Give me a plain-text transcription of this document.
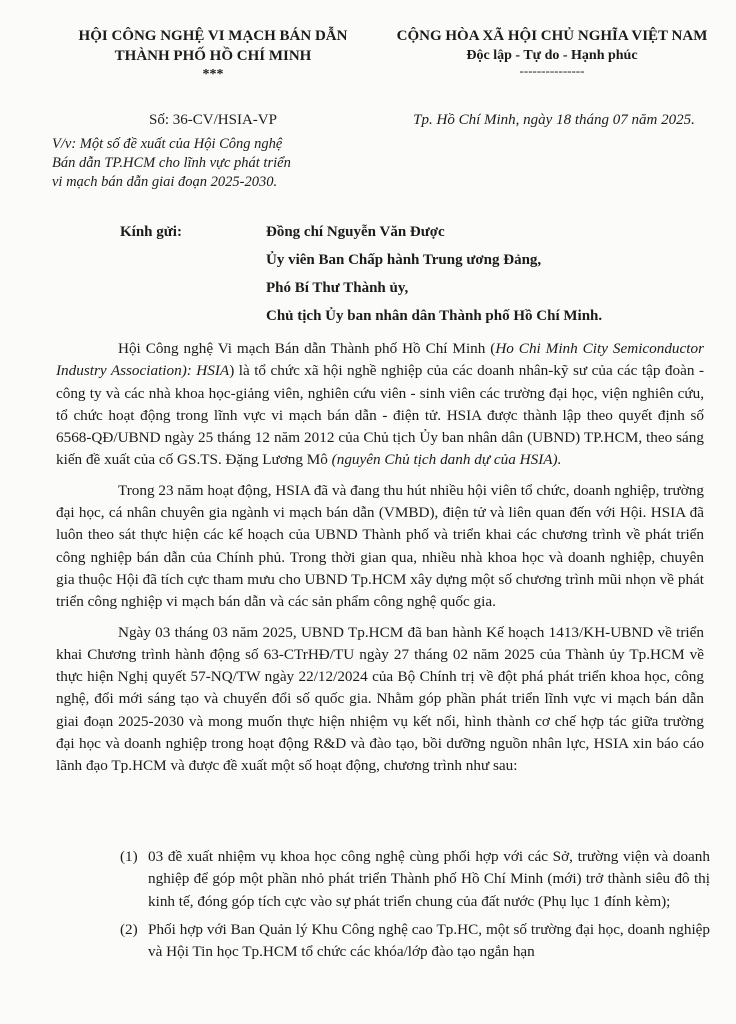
HỘI CÔNG NGHỆ VI MẠCH BÁN DẪN
THÀNH PHỐ HỒ CHÍ MINH
***
CỘNG HÒA XÃ HỘI CHỦ NGHĨA VIỆT NAM
Độc lập - Tự do - Hạnh phúc
---------------
Số: 36-CV/HSIA-VP	Tp. Hồ Chí Minh, ngày 18 tháng 07 năm 2025.
V/v: Một số đề xuất của Hội Công nghệ
Bán dẫn TP.HCM cho lĩnh vực phát triển
vi mạch bán dẫn giai đoạn 2025-2030.
Kính gửi:	Đồng chí Nguyễn Văn Được
Ủy viên Ban Chấp hành Trung ương Đảng,
Phó Bí Thư Thành ủy,
Chủ tịch Ủy ban nhân dân Thành phố Hồ Chí Minh.

Hội Công nghệ Vi mạch Bán dẫn Thành phố Hồ Chí Minh (Ho Chi Minh City Semiconductor Industry Association): HSIA) là tổ chức xã hội nghề nghiệp của các doanh nhân-kỹ sư của các tập đoàn - công ty và các nhà khoa học-giảng viên, nghiên cứu viên - sinh viên các trường đại học, viện nghiên cứu, tổ chức hoạt động trong lĩnh vực vi mạch bán dẫn - điện tử. HSIA được thành lập theo quyết định số 6568-QĐ/UBND ngày 25 tháng 12 năm 2012 của Chủ tịch Ủy ban nhân dân (UBND) TP.HCM, theo sáng kiến đề xuất của cố GS.TS. Đặng Lương Mô (nguyên Chủ tịch danh dự của HSIA).

Trong 23 năm hoạt động, HSIA đã và đang thu hút nhiều hội viên tổ chức, doanh nghiệp, trường đại học, cá nhân chuyên gia ngành vi mạch bán dẫn (VMBD), điện tử và liên quan đến với Hội. HSIA đã luôn theo sát thực hiện các kế hoạch của UBND Thành phố và triển khai các chương trình về phát triển công nghiệp bán dẫn của Chính phủ. Trong thời gian qua, nhiều nhà khoa học và doanh nghiệp, chuyên gia thuộc Hội đã tích cực tham mưu cho UBND Tp.HCM xây dựng một số chương trình mũi nhọn về phát triển công nghiệp vi mạch bán dẫn và các sản phẩm công nghệ quốc gia.

Ngày 03 tháng 03 năm 2025, UBND Tp.HCM đã ban hành Kế hoạch 1413/KH-UBND về triển khai Chương trình hành động số 63-CTrHĐ/TU ngày 27 tháng 02 năm 2025 của Thành ủy Tp.HCM về thực hiện Nghị quyết 57-NQ/TW ngày 22/12/2024 của Bộ Chính trị về đột phá phát triển khoa học, công nghệ, đổi mới sáng tạo và chuyển đổi số quốc gia. Nhằm góp phần phát triển lĩnh vực vi mạch bán dẫn giai đoạn 2025-2030 và mong muốn thực hiện nhiệm vụ kết nối, hình thành cơ chế hợp tác giữa trường đại học và doanh nghiệp trong hoạt động R&D và đào tạo, bồi dưỡng nguồn nhân lực, HSIA xin báo cáo lãnh đạo Tp.HCM và được đề xuất một số hoạt động, chương trình như sau:

(1) 03 đề xuất nhiệm vụ khoa học công nghệ cùng phối hợp với các Sở, trường viện và doanh nghiệp để góp một phần nhỏ phát triển Thành phố Hồ Chí Minh (mới) trở thành siêu đô thị kinh tế, đóng góp tích cực vào sự phát triển chung của đất nước (Phụ lục 1 đính kèm);
(2) Phối hợp với Ban Quản lý Khu Công nghệ cao Tp.HC, một số trường đại học, doanh nghiệp và Hội Tin học Tp.HCM tổ chức các khóa/lớp đào tạo ngắn hạn
